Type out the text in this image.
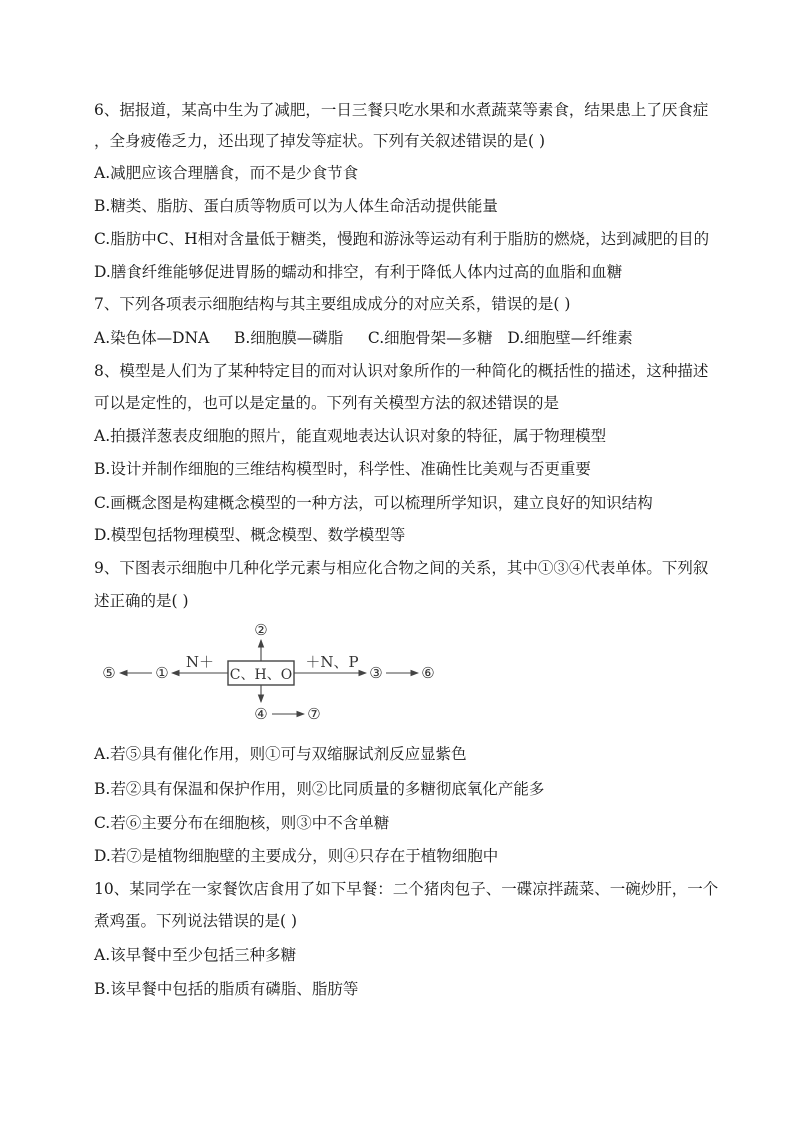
6、据报道，某高中生为了减肥，一日三餐只吃水果和水煮蔬菜等素食，结果患上了厌食症
，全身疲倦乏力，还出现了掉发等症状。下列有关叙述错误的是( )
A.减肥应该合理膳食，而不是少食节食
B.糖类、脂肪、蛋白质等物质可以为人体生命活动提供能量
C.脂肪中C、H相对含量低于糖类，慢跑和游泳等运动有利于脂肪的燃烧，达到减肥的目的
D.膳食纤维能够促进胃肠的蠕动和排空，有利于降低人体内过高的血脂和血糖
7、下列各项表示细胞结构与其主要组成成分的对应关系，错误的是( )
A.染色体—DNA     B.细胞膜—磷脂     C.细胞骨架—多糖   D.细胞壁—纤维素
8、模型是人们为了某种特定目的而对认识对象所作的一种简化的概括性的描述，这种描述
可以是定性的，也可以是定量的。下列有关模型方法的叙述错误的是
A.拍摄洋葱表皮细胞的照片，能直观地表达认识对象的特征，属于物理模型
B.设计并制作细胞的三维结构模型时，科学性、准确性比美观与否更重要
C.画概念图是构建概念模型的一种方法，可以梳理所学知识，建立良好的知识结构
D.模型包括物理模型、概念模型、数学模型等
9、下图表示细胞中几种化学元素与相应化合物之间的关系，其中①③④代表单体。下列叙
述正确的是( )
C、H、O
②
N＋
①
⑤
＋N、P
③	⑥
④	⑦
A.若⑤具有催化作用，则①可与双缩脲试剂反应显紫色
B.若②具有保温和保护作用，则②比同质量的多糖彻底氧化产能多
C.若⑥主要分布在细胞核，则③中不含单糖
D.若⑦是植物细胞壁的主要成分，则④只存在于植物细胞中
10、某同学在一家餐饮店食用了如下早餐：二个猪肉包子、一碟凉拌蔬菜、一碗炒肝，一个
煮鸡蛋。下列说法错误的是( )
A.该早餐中至少包括三种多糖
B.该早餐中包括的脂质有磷脂、脂肪等
